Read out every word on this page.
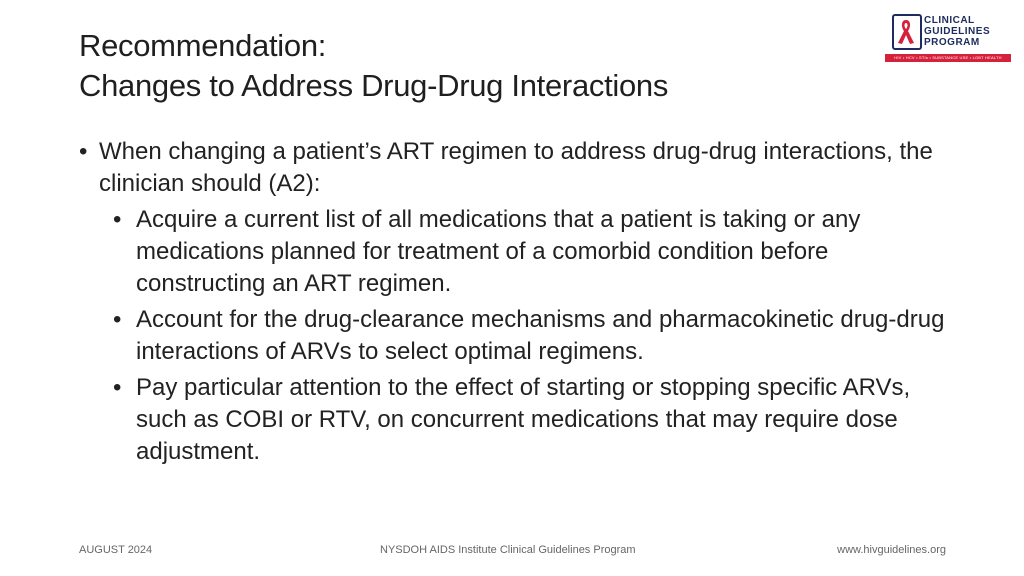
Recommendation:
Changes to Address Drug-Drug Interactions
CLINICAL
GUIDELINES
PROGRAM
HIV • HCV • STIs • SUBSTANCE USE • LGBT HEALTH
• When changing a patient’s ART regimen to address drug-drug interactions, the clinician should (A2):
• Acquire a current list of all medications that a patient is taking or any medications planned for treatment of a comorbid condition before constructing an ART regimen.
• Account for the drug-clearance mechanisms and pharmacokinetic drug-drug interactions of ARVs to select optimal regimens.
• Pay particular attention to the effect of starting or stopping specific ARVs, such as COBI or RTV, on concurrent medications that may require dose adjustment.
AUGUST 2024	NYSDOH AIDS Institute Clinical Guidelines Program	www.hivguidelines.org
